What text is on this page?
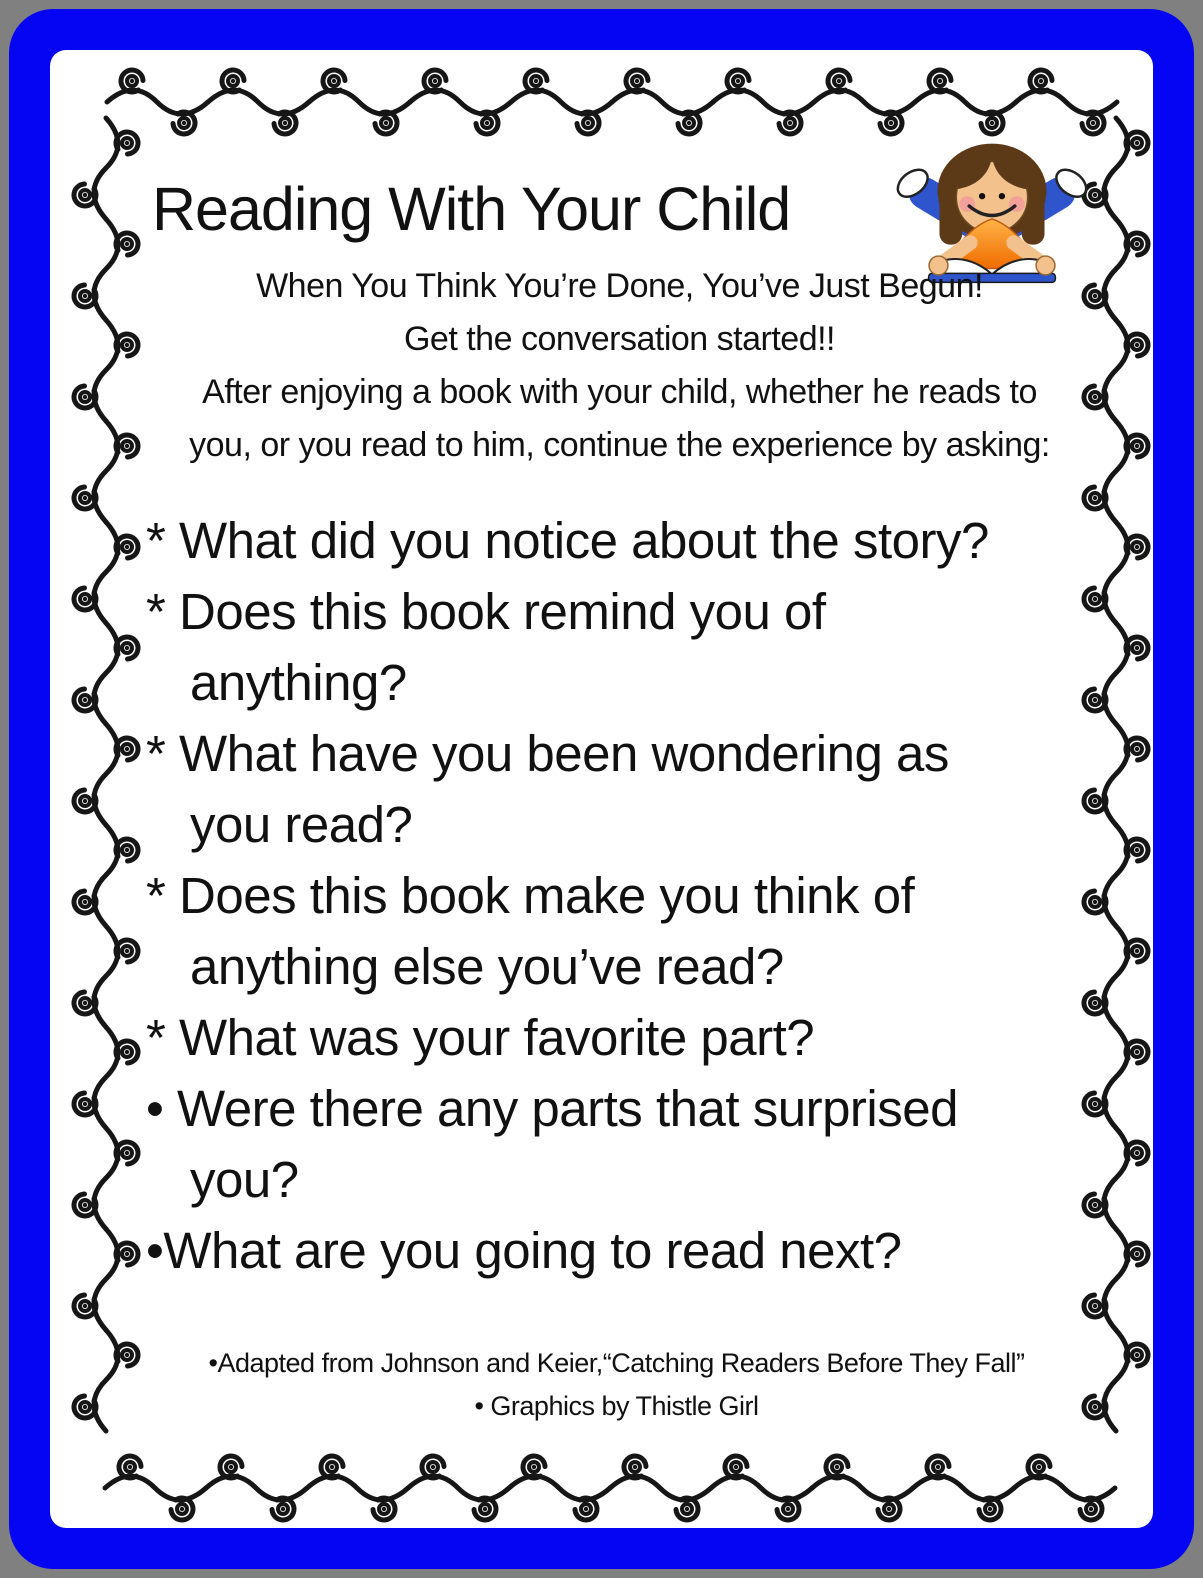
Reading With Your Child
When You Think You’re Done, You’ve Just Begun!
Get the conversation started!!
After enjoying a book with your child, whether he reads to
you, or you read to him, continue the experience by asking:
* What did you notice about the story?
* Does this book remind you of
anything?
* What have you been wondering as
you read?
* Does this book make you think of
anything else you’ve read?
* What was your favorite part?
• Were there any parts that surprised
you?
•What are you going to read next?
•Adapted from Johnson and Keier,“Catching Readers Before They Fall”
• Graphics by Thistle Girl
